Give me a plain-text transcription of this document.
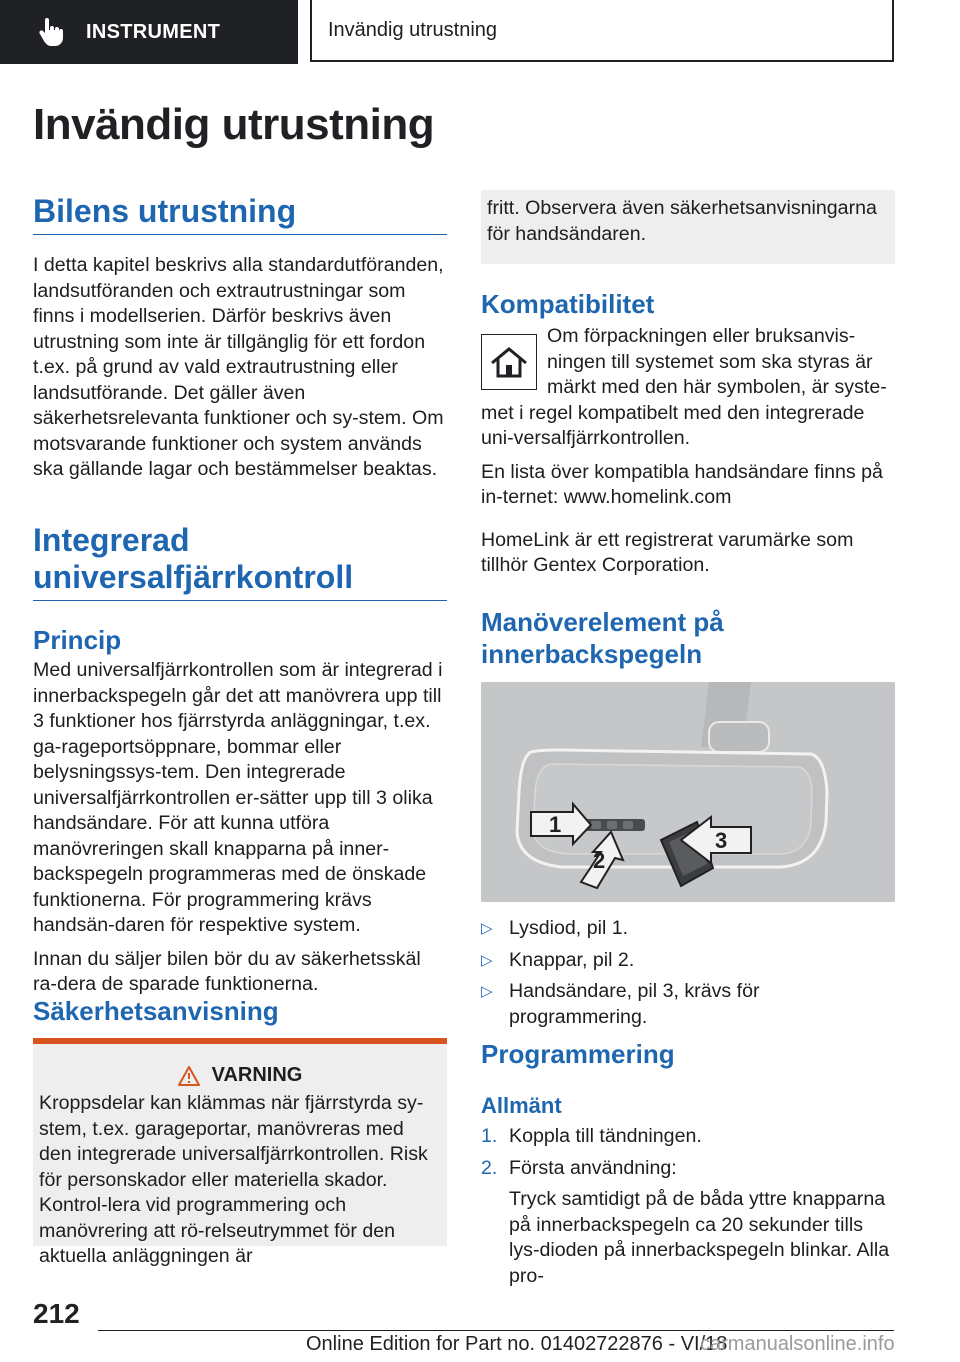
INSTRUMENT	Invändig utrustning
Invändig utrustning
Bilens utrustning

I detta kapitel beskrivs alla standardutföranden, landsutföranden och extrautrustningar som finns i modellserien. Därför beskrivs även utrustning som inte är tillgänglig för ett fordon t.ex. på grund av vald extrautrustning eller landsutförande. Det gäller även säkerhetsrelevanta funktioner och sy-stem. Om motsvarande funktioner och system används ska gällande lagar och bestämmelser beaktas.

Integrerad
universalfjärrkontroll
Princip

Med universalfjärrkontrollen som är integrerad i innerbackspegeln går det att manövrera upp till 3 funktioner hos fjärrstyrda anläggningar, t.ex. ga-rageportsöppnare, bommar eller belysningssys-tem. Den integrerade universalfjärrkontrollen er-sätter upp till 3 olika handsändare. För att kunna utföra manövreringen skall knapparna på inner-backspegeln programmeras med de önskade funktionerna. För programmering krävs handsän-daren för respektive system.

Innan du säljer bilen bör du av säkerhetsskäl ra-dera de sparade funktionerna.

Säkerhetsanvisning
VARNING

Kroppsdelar kan klämmas när fjärrstyrda sy-stem, t.ex. garageportar, manövreras med den integrerade universalfjärrkontrollen. Risk för personskador eller materiella skador. Kontrol-lera vid programmering och manövrering att rö-relseutrymmet för den aktuella anläggningen är

fritt. Observera även säkerhetsanvisningarna för handsändaren.

Kompatibilitet

Om förpackningen eller bruksanvis-ningen till systemet som ska styras är märkt med den här symbolen, är syste-met i regel kompatibelt med den integrerade uni-versalfjärrkontrollen.

En lista över kompatibla handsändare finns på in-ternet: www.homelink.com

HomeLink är ett registrerat varumärke som tillhör Gentex Corporation.

Manöverelement på
innerbackspegeln
1
2
3
▷ Lysdiod, pil 1.
▷ Knappar, pil 2.
▷ Handsändare, pil 3, krävs för programmering.
Programmering
Allmänt
1. Koppla till tändningen.
2. Första användning:

Tryck samtidigt på de båda yttre knapparna på innerbackspegeln ca 20 sekunder tills lys-dioden på innerbackspegeln blinkar. Alla pro-

212
Online Edition for Part no. 01402722876 - VI/18
carmanualsonline.info
